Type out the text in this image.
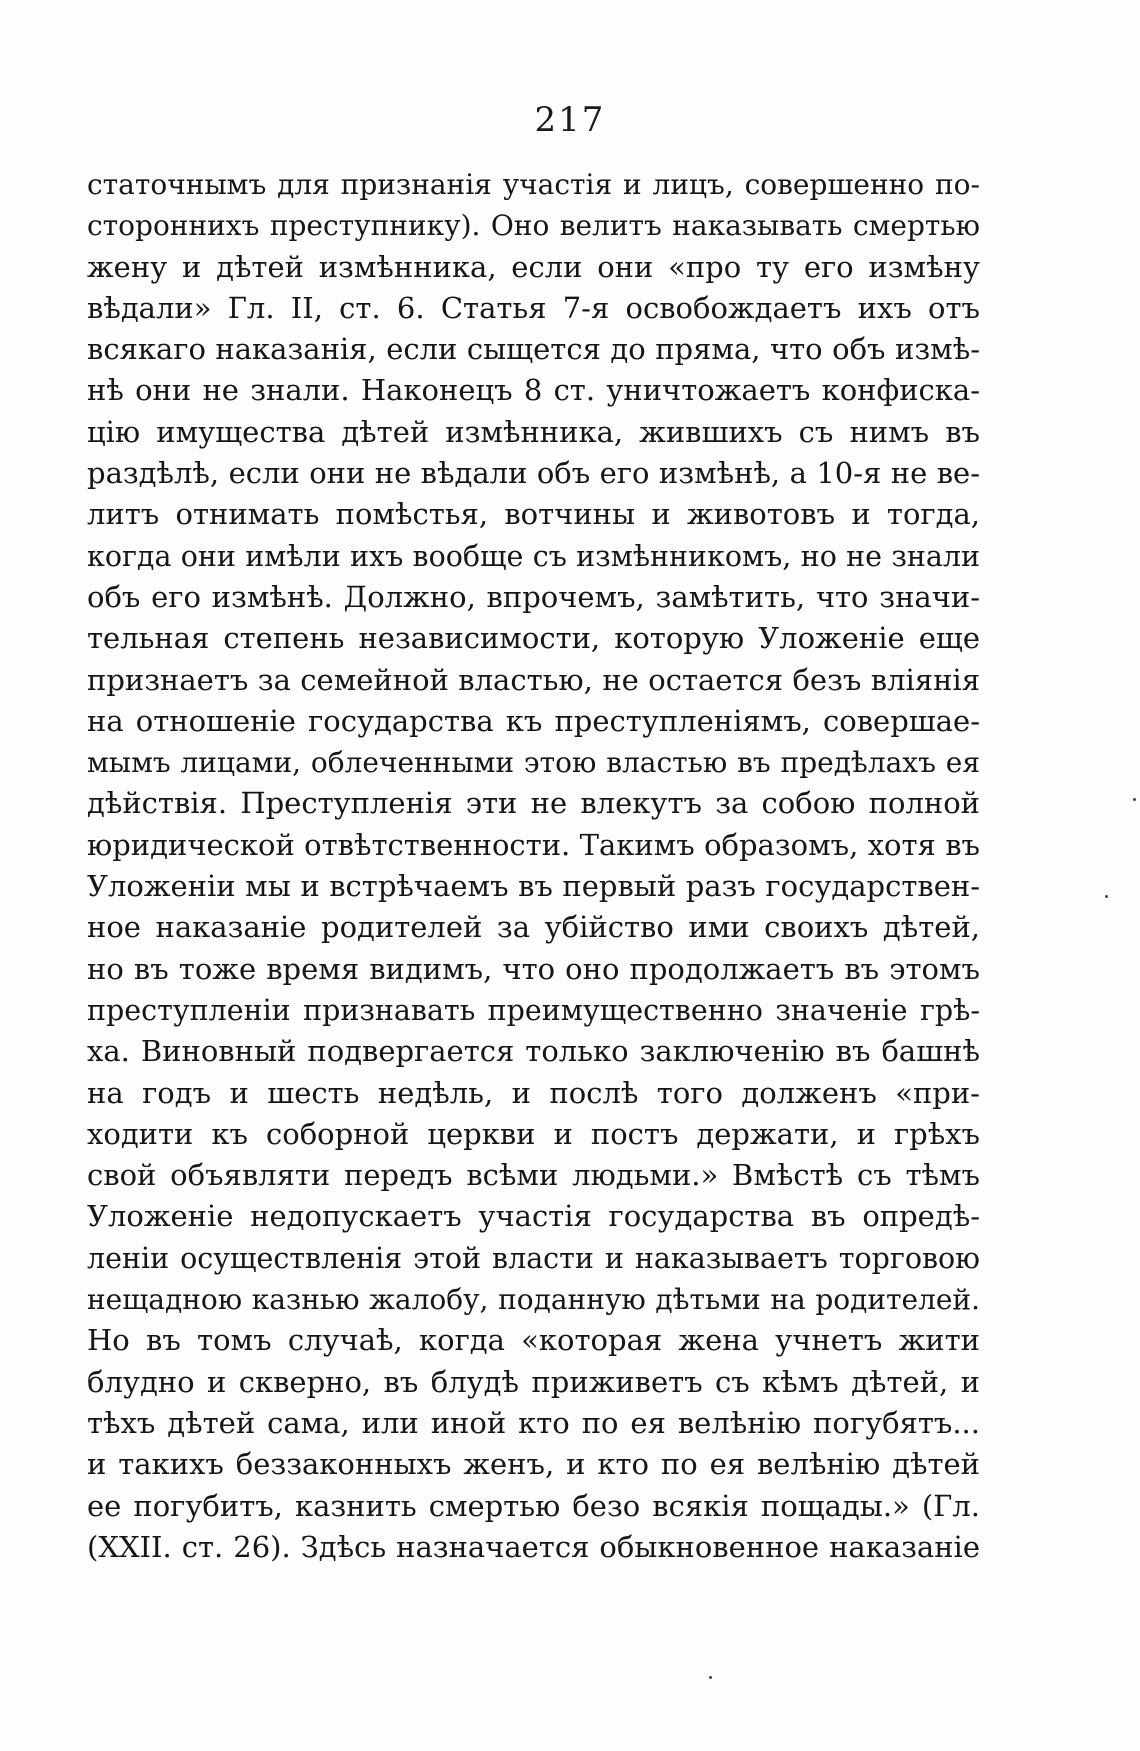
217
статочнымъ для признанія участія и лицъ, совершенно по-
стороннихъ преступнику). Оно велитъ наказывать смертью
жену и дѣтей измѣнника, если они «про ту его измѣну
вѣдали» Гл. II, ст. 6. Статья 7-я освобождаетъ ихъ отъ
всякаго наказанія, если сыщется до пряма, что объ измѣ-
нѣ они не знали. Наконецъ 8 ст. уничтожаетъ конфиска-
цію имущества дѣтей измѣнника, жившихъ съ нимъ въ
раздѣлѣ, если они не вѣдали объ его измѣнѣ, а 10-я не ве-
литъ отнимать помѣстья, вотчины и животовъ и тогда,
когда они имѣли ихъ вообще съ измѣнникомъ, но не знали
объ его измѣнѣ. Должно, впрочемъ, замѣтить, что значи-
тельная степень независимости, которую Уложеніе еще
признаетъ за семейной властью, не остается безъ вліянія
на отношеніе государства къ преступленіямъ, совершае-
мымъ лицами, облеченными этою властью въ предѣлахъ ея
дѣйствія. Преступленія эти не влекутъ за собою полной
юридической отвѣтственности. Такимъ образомъ, хотя въ
Уложеніи мы и встрѣчаемъ въ первый разъ государствен-
ное наказаніе родителей за убійство ими своихъ дѣтей,
но въ тоже время видимъ, что оно продолжаетъ въ этомъ
преступленіи признавать преимущественно значеніе грѣ-
ха. Виновный подвергается только заключенію въ башнѣ
на годъ и шесть недѣль, и послѣ того долженъ «при-
ходити къ соборной церкви и постъ держати, и грѣхъ
свой объявляти передъ всѣми людьми.» Вмѣстѣ съ тѣмъ
Уложеніе недопускаетъ участія государства въ опредѣ-
леніи осуществленія этой власти и наказываетъ торговою
нещадною казнью жалобу, поданную дѣтьми на родителей.
Но въ томъ случаѣ, когда «которая жена учнетъ жити
блудно и скверно, въ блудѣ приживетъ съ кѣмъ дѣтей, и
тѣхъ дѣтей сама, или иной кто по ея велѣнію погубятъ...
и такихъ беззаконныхъ женъ, и кто по ея велѣнію дѣтей
ее погубитъ, казнить смертью безо всякія пощады.» (Гл.
(XXII. ст. 26). Здѣсь назначается обыкновенное наказаніе
